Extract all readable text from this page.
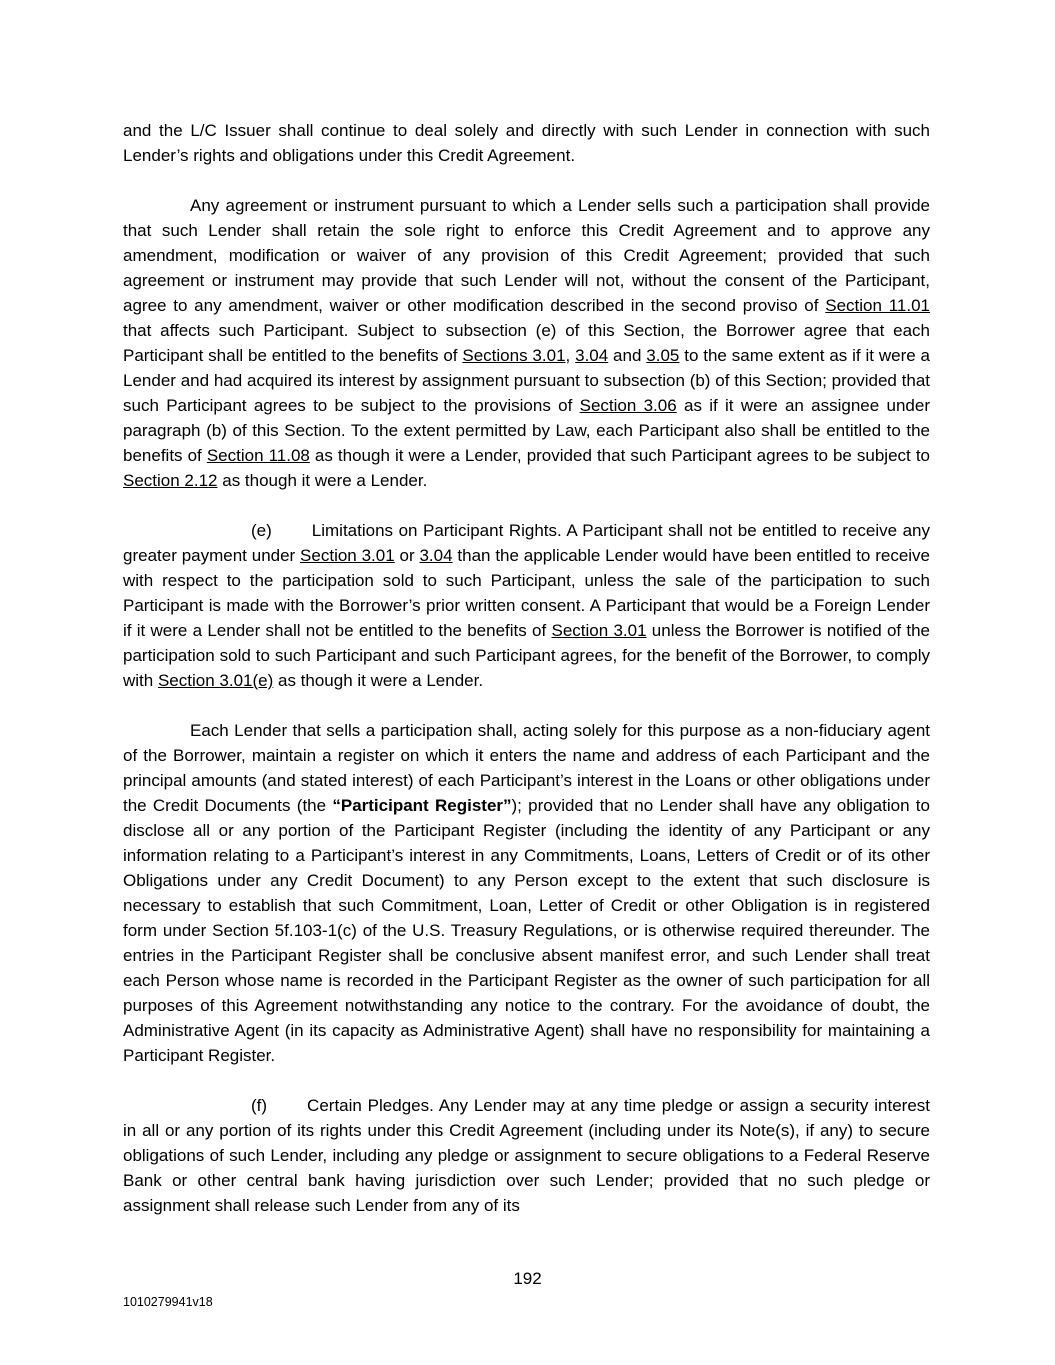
and the L/C Issuer shall continue to deal solely and directly with such Lender in connection with such Lender’s rights and obligations under this Credit Agreement.

Any agreement or instrument pursuant to which a Lender sells such a participation shall provide that such Lender shall retain the sole right to enforce this Credit Agreement and to approve any amendment, modification or waiver of any provision of this Credit Agreement; provided that such agreement or instrument may provide that such Lender will not, without the consent of the Participant, agree to any amendment, waiver or other modification described in the second proviso of Section 11.01 that affects such Participant. Subject to subsection (e) of this Section, the Borrower agree that each Participant shall be entitled to the benefits of Sections 3.01, 3.04 and 3.05 to the same extent as if it were a Lender and had acquired its interest by assignment pursuant to subsection (b) of this Section; provided that such Participant agrees to be subject to the provisions of Section 3.06 as if it were an assignee under paragraph (b) of this Section. To the extent permitted by Law, each Participant also shall be entitled to the benefits of Section 11.08 as though it were a Lender, provided that such Participant agrees to be subject to Section 2.12 as though it were a Lender.

(e) Limitations on Participant Rights. A Participant shall not be entitled to receive any greater payment under Section 3.01 or 3.04 than the applicable Lender would have been entitled to receive with respect to the participation sold to such Participant, unless the sale of the participation to such Participant is made with the Borrower’s prior written consent. A Participant that would be a Foreign Lender if it were a Lender shall not be entitled to the benefits of Section 3.01 unless the Borrower is notified of the participation sold to such Participant and such Participant agrees, for the benefit of the Borrower, to comply with Section 3.01(e) as though it were a Lender.

Each Lender that sells a participation shall, acting solely for this purpose as a non-fiduciary agent of the Borrower, maintain a register on which it enters the name and address of each Participant and the principal amounts (and stated interest) of each Participant’s interest in the Loans or other obligations under the Credit Documents (the “Participant Register”); provided that no Lender shall have any obligation to disclose all or any portion of the Participant Register (including the identity of any Participant or any information relating to a Participant’s interest in any Commitments, Loans, Letters of Credit or of its other Obligations under any Credit Document) to any Person except to the extent that such disclosure is necessary to establish that such Commitment, Loan, Letter of Credit or other Obligation is in registered form under Section 5f.103-1(c) of the U.S. Treasury Regulations, or is otherwise required thereunder. The entries in the Participant Register shall be conclusive absent manifest error, and such Lender shall treat each Person whose name is recorded in the Participant Register as the owner of such participation for all purposes of this Agreement notwithstanding any notice to the contrary. For the avoidance of doubt, the Administrative Agent (in its capacity as Administrative Agent) shall have no responsibility for maintaining a Participant Register.

(f) Certain Pledges. Any Lender may at any time pledge or assign a security interest in all or any portion of its rights under this Credit Agreement (including under its Note(s), if any) to secure obligations of such Lender, including any pledge or assignment to secure obligations to a Federal Reserve Bank or other central bank having jurisdiction over such Lender; provided that no such pledge or assignment shall release such Lender from any of its

192
1010279941v18
